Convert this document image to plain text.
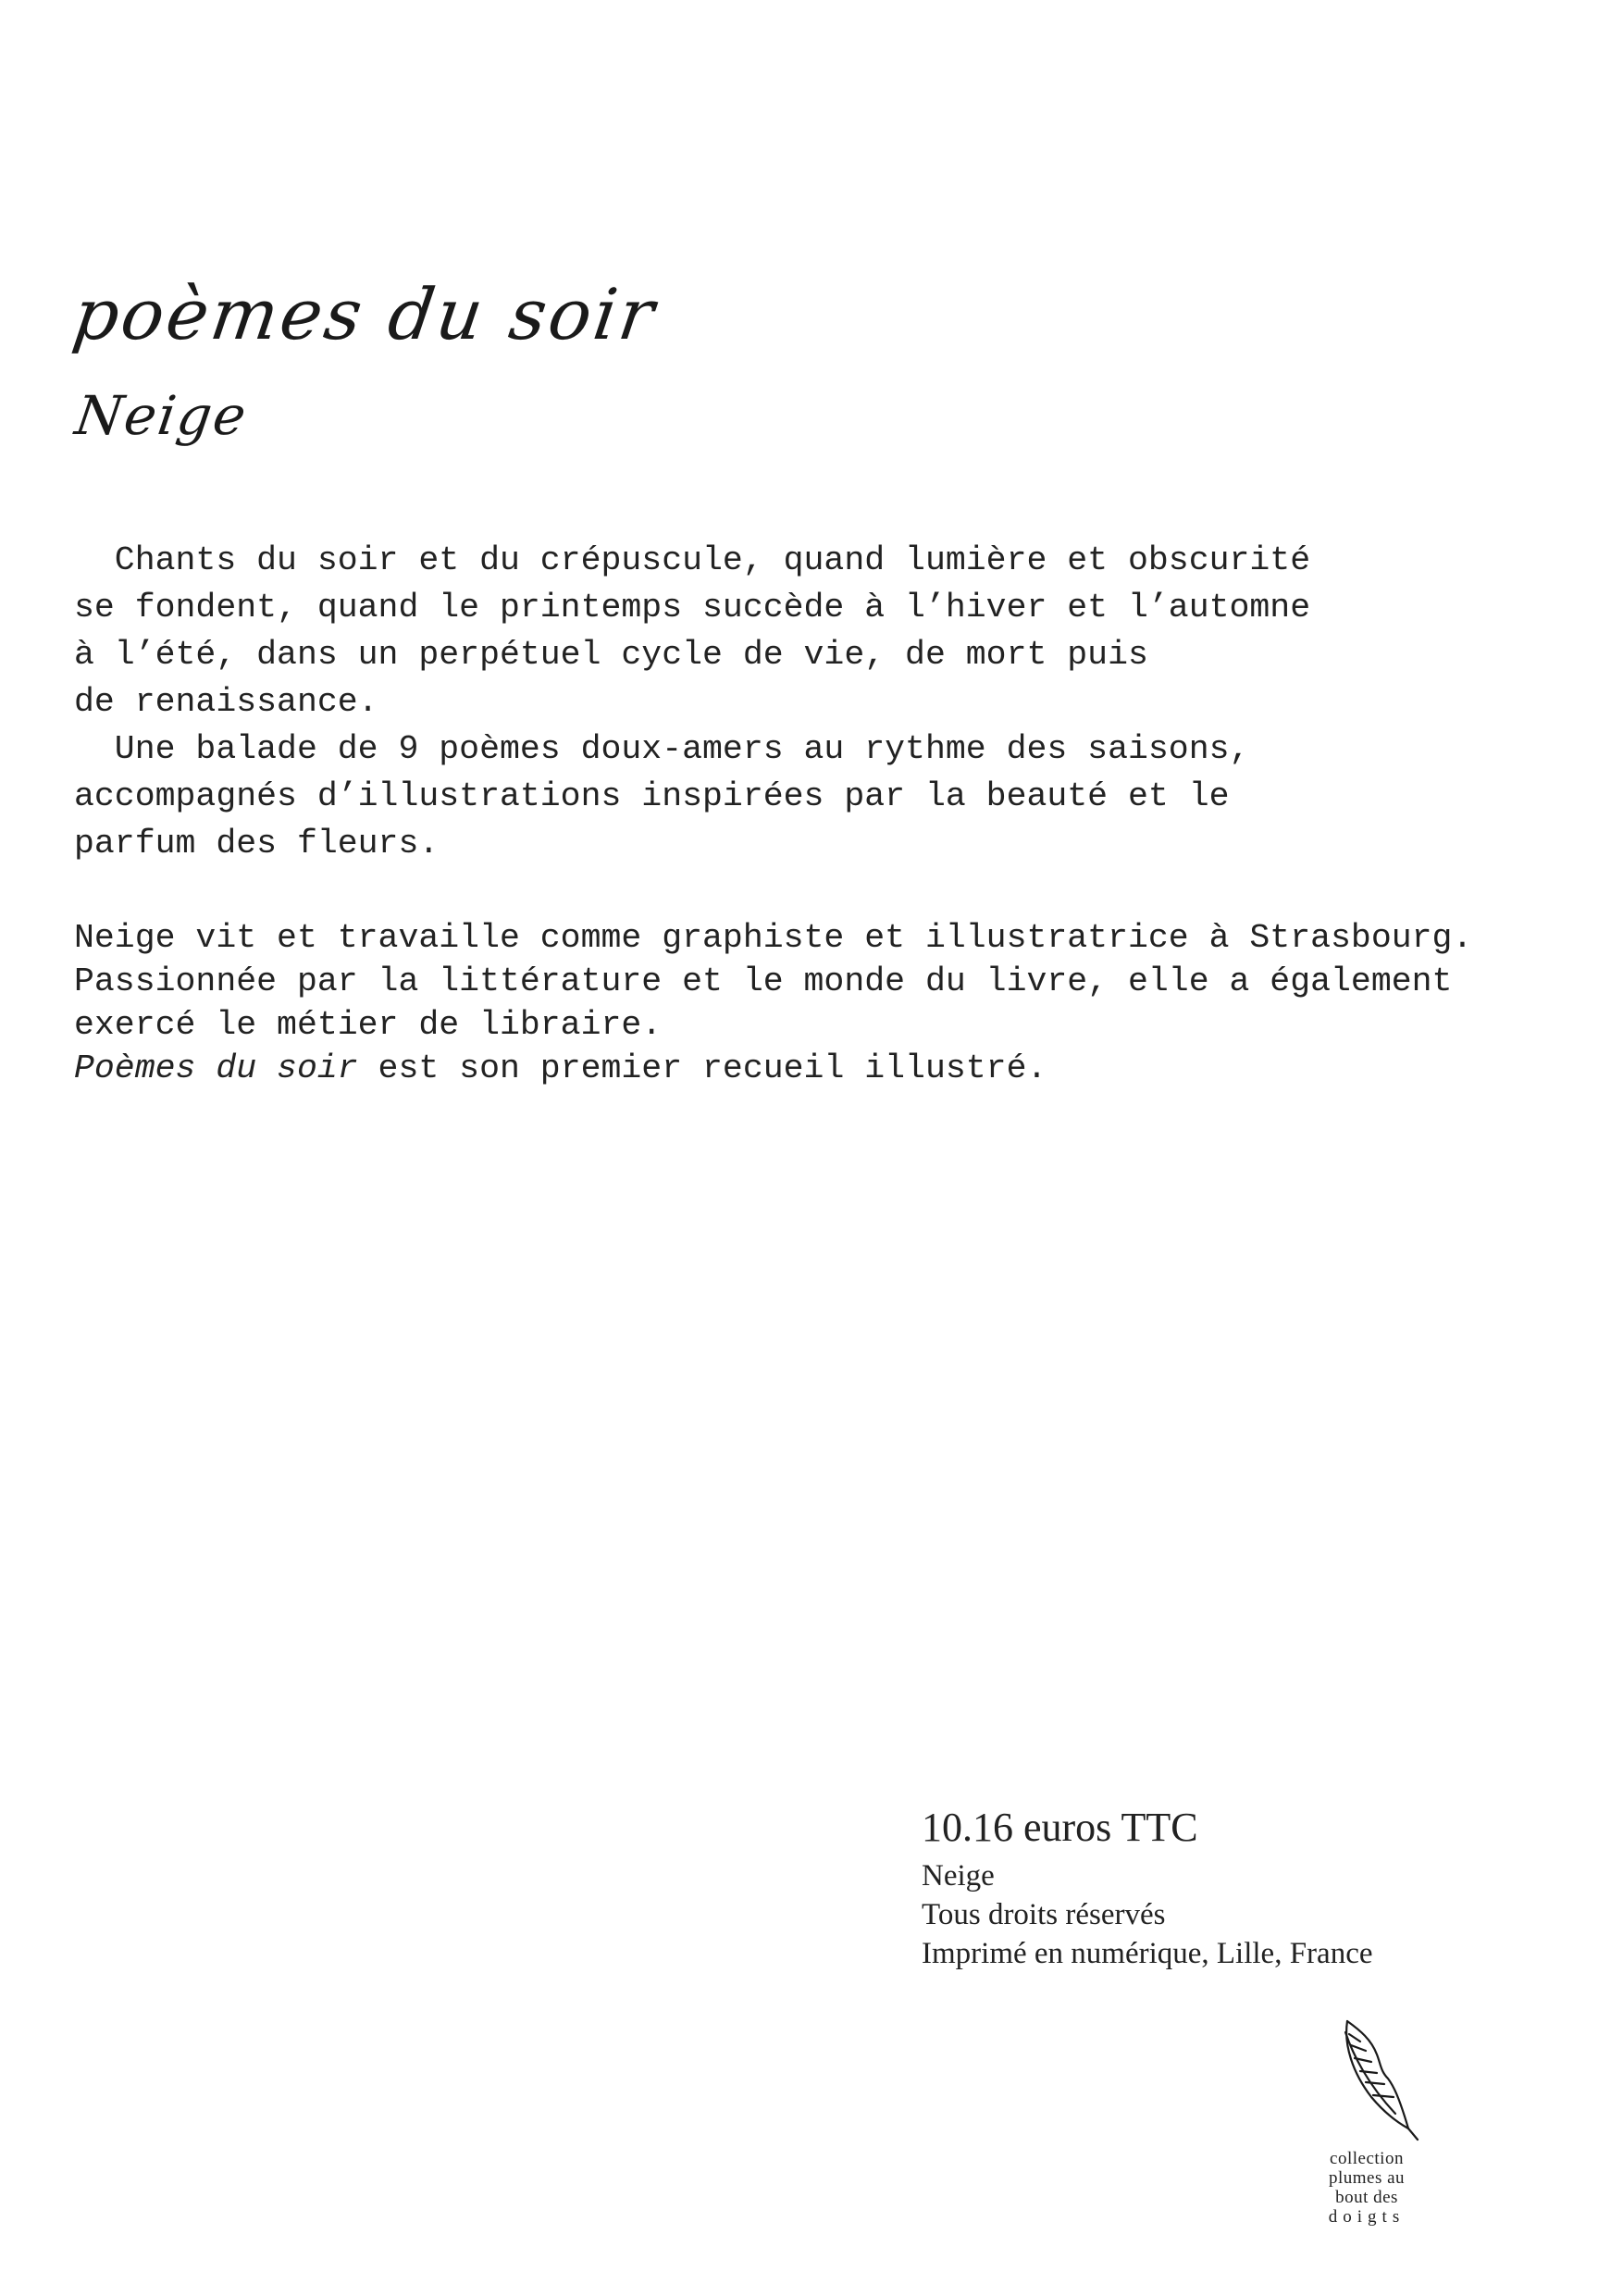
poèmes du soir
Neige
Chants du soir et du crépuscule, quand lumière et obscurité
se fondent, quand le printemps succède à l’hiver et l’automne
à l’été, dans un perpétuel cycle de vie, de mort puis
de renaissance.
Une balade de 9 poèmes doux-amers au rythme des saisons,
accompagnés d’illustrations inspirées par la beauté et le
parfum des fleurs.
Neige vit et travaille comme graphiste et illustratrice à Strasbourg.
Passionnée par la littérature et le monde du livre, elle a également
exercé le métier de libraire.
Poèmes du soir est son premier recueil illustré.
10.16 euros TTC
Neige
Tous droits réservés
Imprimé en numérique, Lille, France
collection
plumes au
bout des
doigts
